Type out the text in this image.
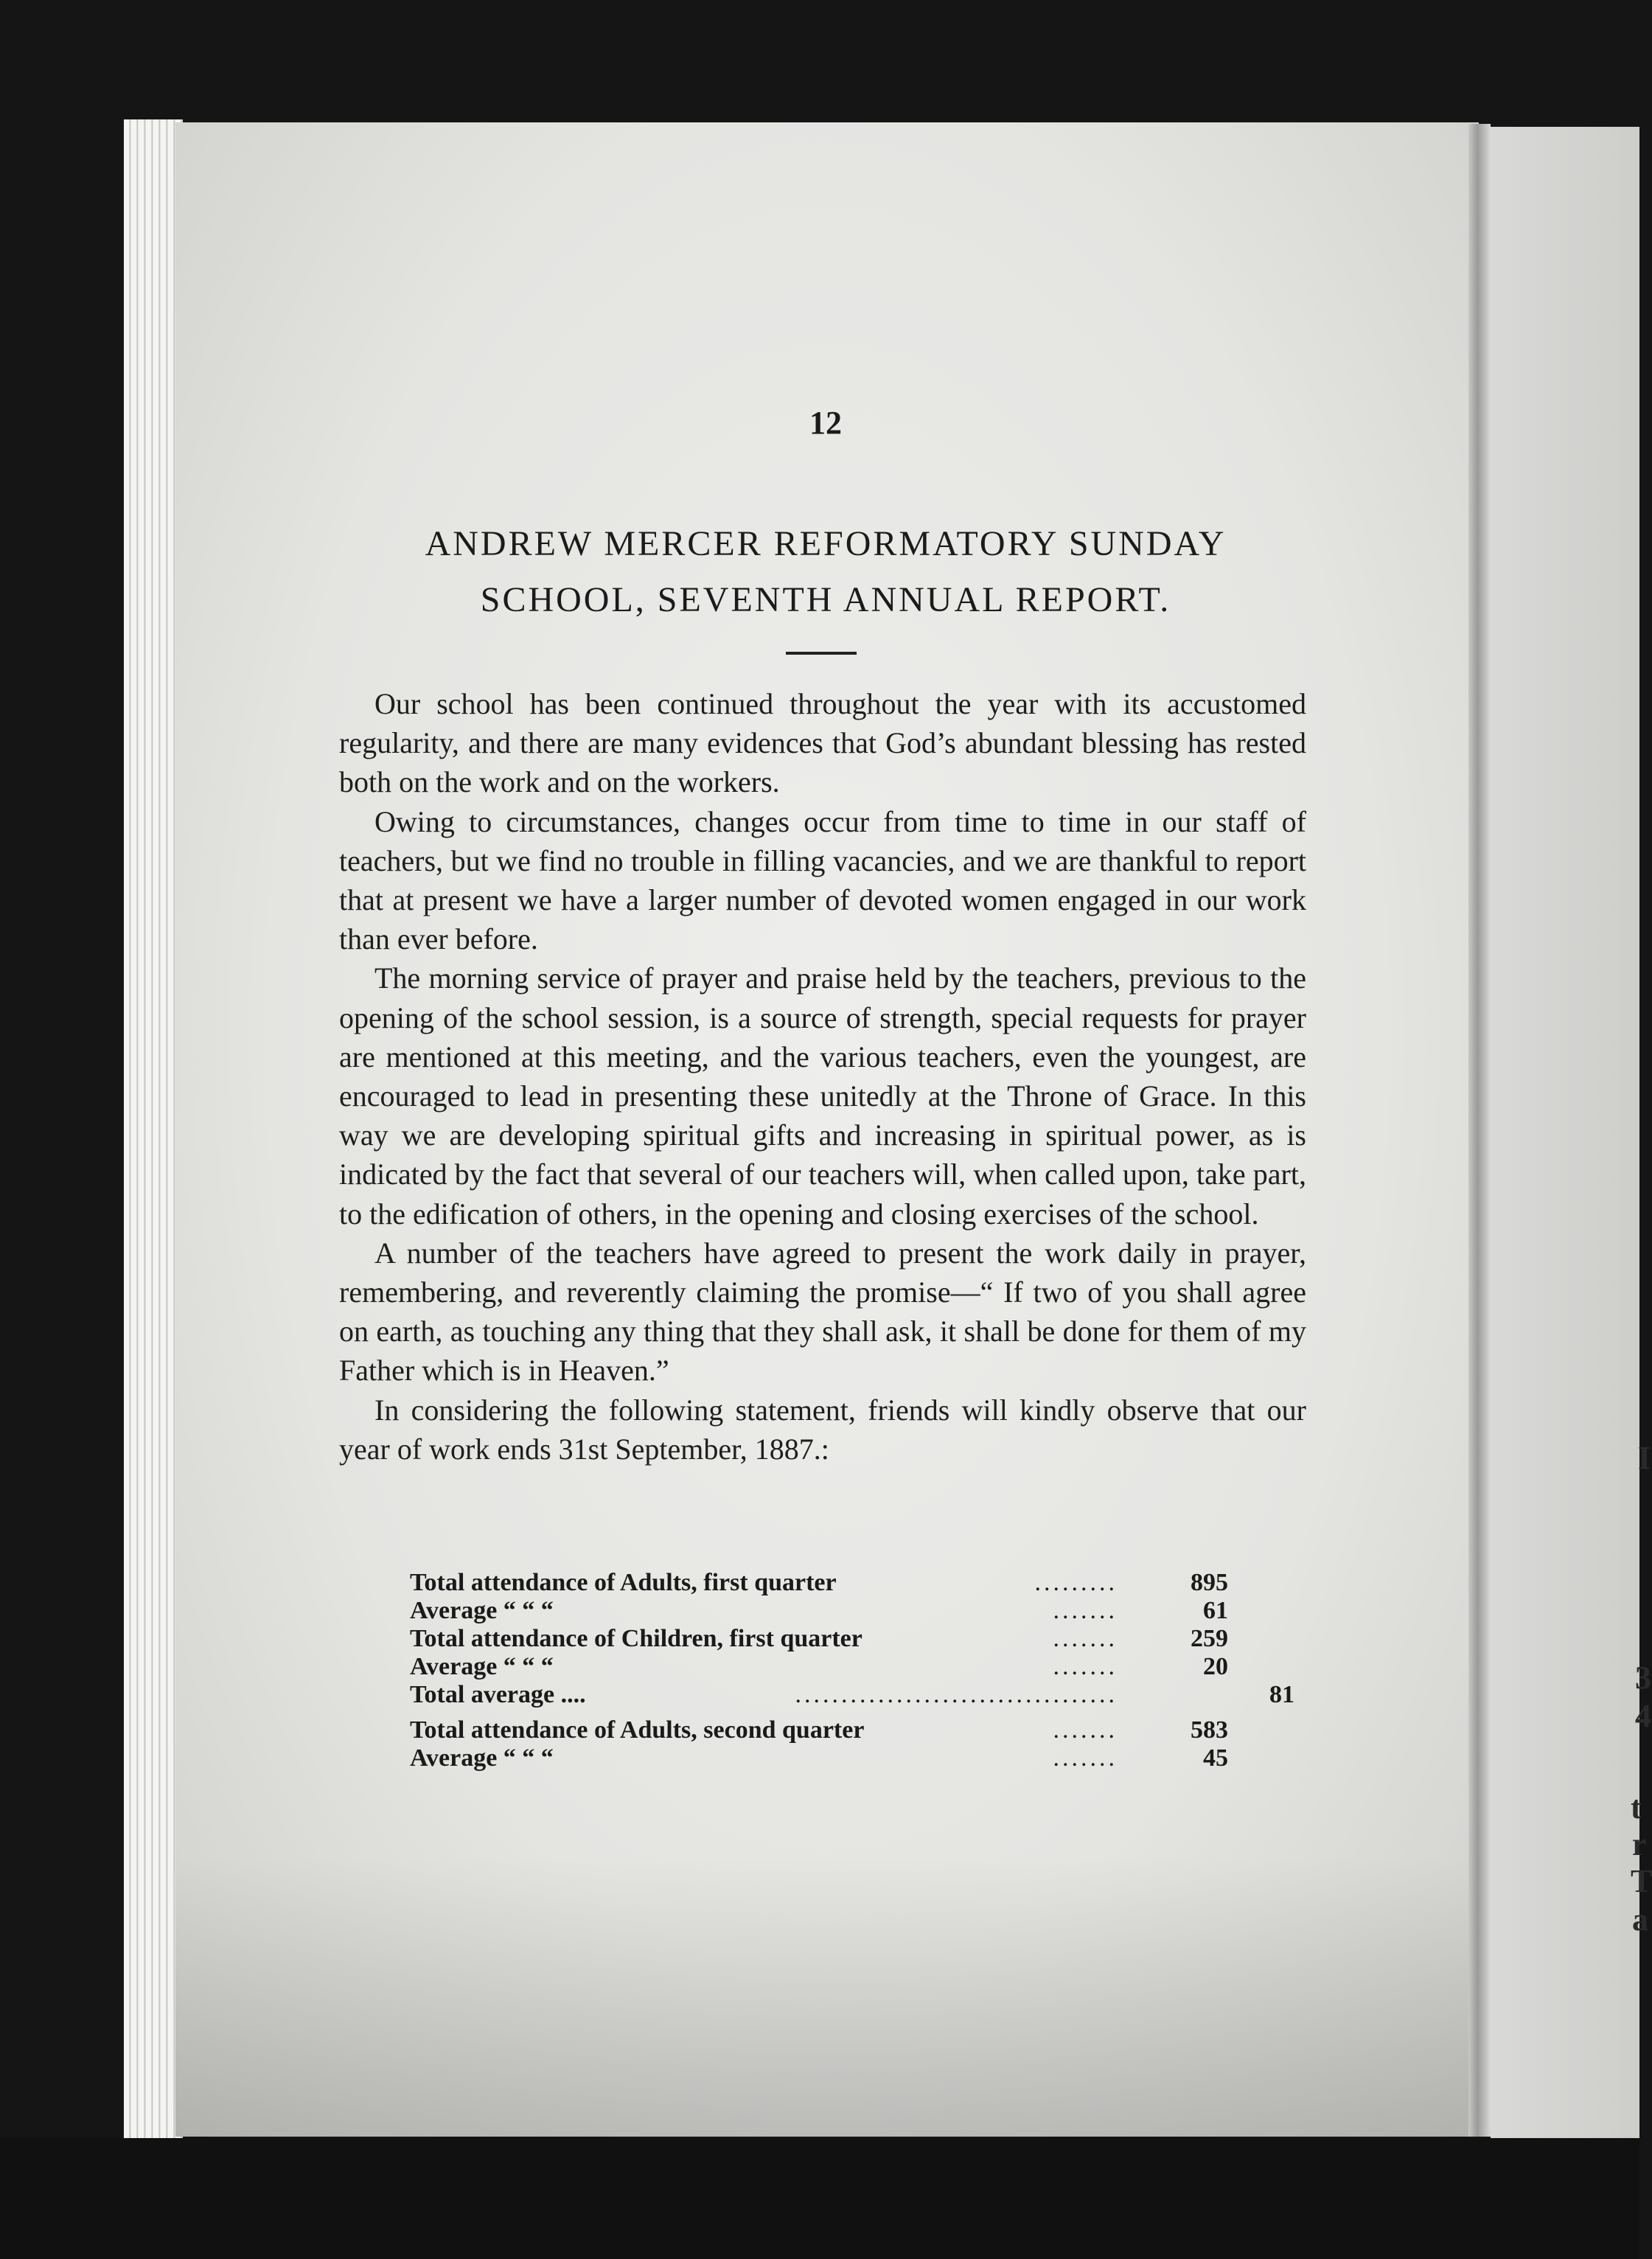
12
ANDREW MERCER REFORMATORY SUNDAY
SCHOOL, SEVENTH ANNUAL REPORT.

Our school has been continued throughout the year with its accustomed regularity, and there are many evidences that God’s abundant blessing has rested both on the work and on the workers.

Owing to circumstances, changes occur from time to time in our staff of teachers, but we find no trouble in filling vacancies, and we are thankful to report that at present we have a larger number of devoted women engaged in our work than ever before.

The morning service of prayer and praise held by the teachers, previous to the opening of the school session, is a source of strength, special requests for prayer are mentioned at this meeting, and the various teachers, even the youngest, are encouraged to lead in presenting these unitedly at the Throne of Grace. In this way we are developing spiritual gifts and increasing in spiritual power, as is indicated by the fact that several of our teachers will, when called upon, take part, to the edification of others, in the opening and closing exercises of the school.

A number of the teachers have agreed to present the work daily in prayer, remembering, and reverently claiming the promise—“ If two of you shall agree on earth, as touching any thing that they shall ask, it shall be done for them of my Father which is in Heaven.”

In considering the following statement, friends will kindly observe that our year of work ends 31st September, 1887.:

Total attendance of Adults, first quarter	.........	895
Average “ “ “	.......	61
Total attendance of Children, first quarter	.......	259
Average “ “ “	.......	20
Total average ....	...................................	81
Total attendance of Adults, second quarter	.......	583
Average “ “ “	.......	45
I
3
4
t
r
T
a
